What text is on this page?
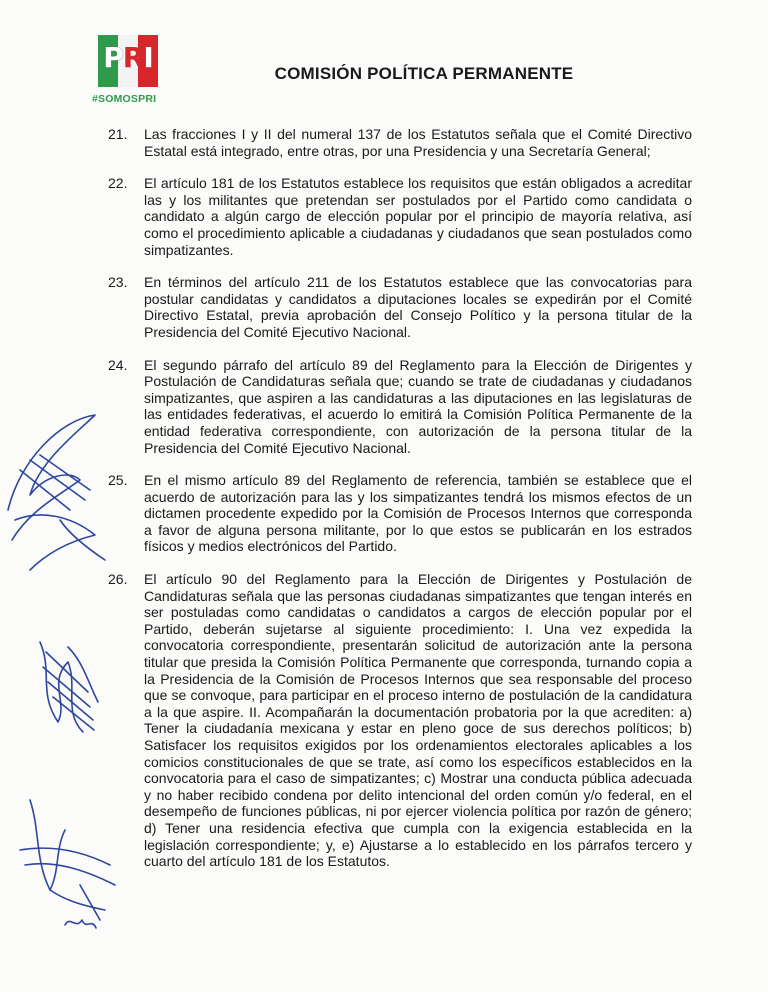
PRI
#SOMOSPRI
COMISIÓN POLÍTICA PERMANENTE
21.	Las fracciones I y II del numeral 137 de los Estatutos señala que el Comité Directivo Estatal está integrado, entre otras, por una Presidencia y una Secretaría General;

22.	El artículo 181 de los Estatutos establece los requisitos que están obligados a acreditar las y los militantes que pretendan ser postulados por el Partido como candidata o candidato a algún cargo de elección popular por el principio de mayoría relativa, así como el procedimiento aplicable a ciudadanas y ciudadanos que sean postulados como simpatizantes.

23.	En términos del artículo 211 de los Estatutos establece que las convocatorias para postular candidatas y candidatos a diputaciones locales se expedirán por el Comité Directivo Estatal, previa aprobación del Consejo Político y la persona titular de la Presidencia del Comité Ejecutivo Nacional.

24.	El segundo párrafo del artículo 89 del Reglamento para la Elección de Dirigentes y Postulación de Candidaturas señala que; cuando se trate de ciudadanas y ciudadanos simpatizantes, que aspiren a las candidaturas a las diputaciones en las legislaturas de las entidades federativas, el acuerdo lo emitirá la Comisión Política Permanente de la entidad federativa correspondiente, con autorización de la persona titular de la Presidencia del Comité Ejecutivo Nacional.

25.	En el mismo artículo 89 del Reglamento de referencia, también se establece que el acuerdo de autorización para las y los simpatizantes tendrá los mismos efectos de un dictamen procedente expedido por la Comisión de Procesos Internos que corresponda a favor de alguna persona militante, por lo que estos se publicarán en los estrados físicos y medios electrónicos del Partido.

26.	El artículo 90 del Reglamento para la Elección de Dirigentes y Postulación de Candidaturas señala que las personas ciudadanas simpatizantes que tengan interés en ser postuladas como candidatas o candidatos a cargos de elección popular por el Partido, deberán sujetarse al siguiente procedimiento: I. Una vez expedida la convocatoria correspondiente, presentarán solicitud de autorización ante la persona titular que presida la Comisión Política Permanente que corresponda, turnando copia a la Presidencia de la Comisión de Procesos Internos que sea responsable del proceso que se convoque, para participar en el proceso interno de postulación de la candidatura a la que aspire. II. Acompañarán la documentación probatoria por la que acrediten: a) Tener la ciudadanía mexicana y estar en pleno goce de sus derechos políticos; b) Satisfacer los requisitos exigidos por los ordenamientos electorales aplicables a los comicios constitucionales de que se trate, así como los específicos establecidos en la convocatoria para el caso de simpatizantes; c) Mostrar una conducta pública adecuada y no haber recibido condena por delito intencional del orden común y/o federal, en el desempeño de funciones públicas, ni por ejercer violencia política por razón de género; d) Tener una residencia efectiva que cumpla con la exigencia establecida en la legislación correspondiente; y, e) Ajustarse a lo establecido en los párrafos tercero y cuarto del artículo 181 de los Estatutos.
